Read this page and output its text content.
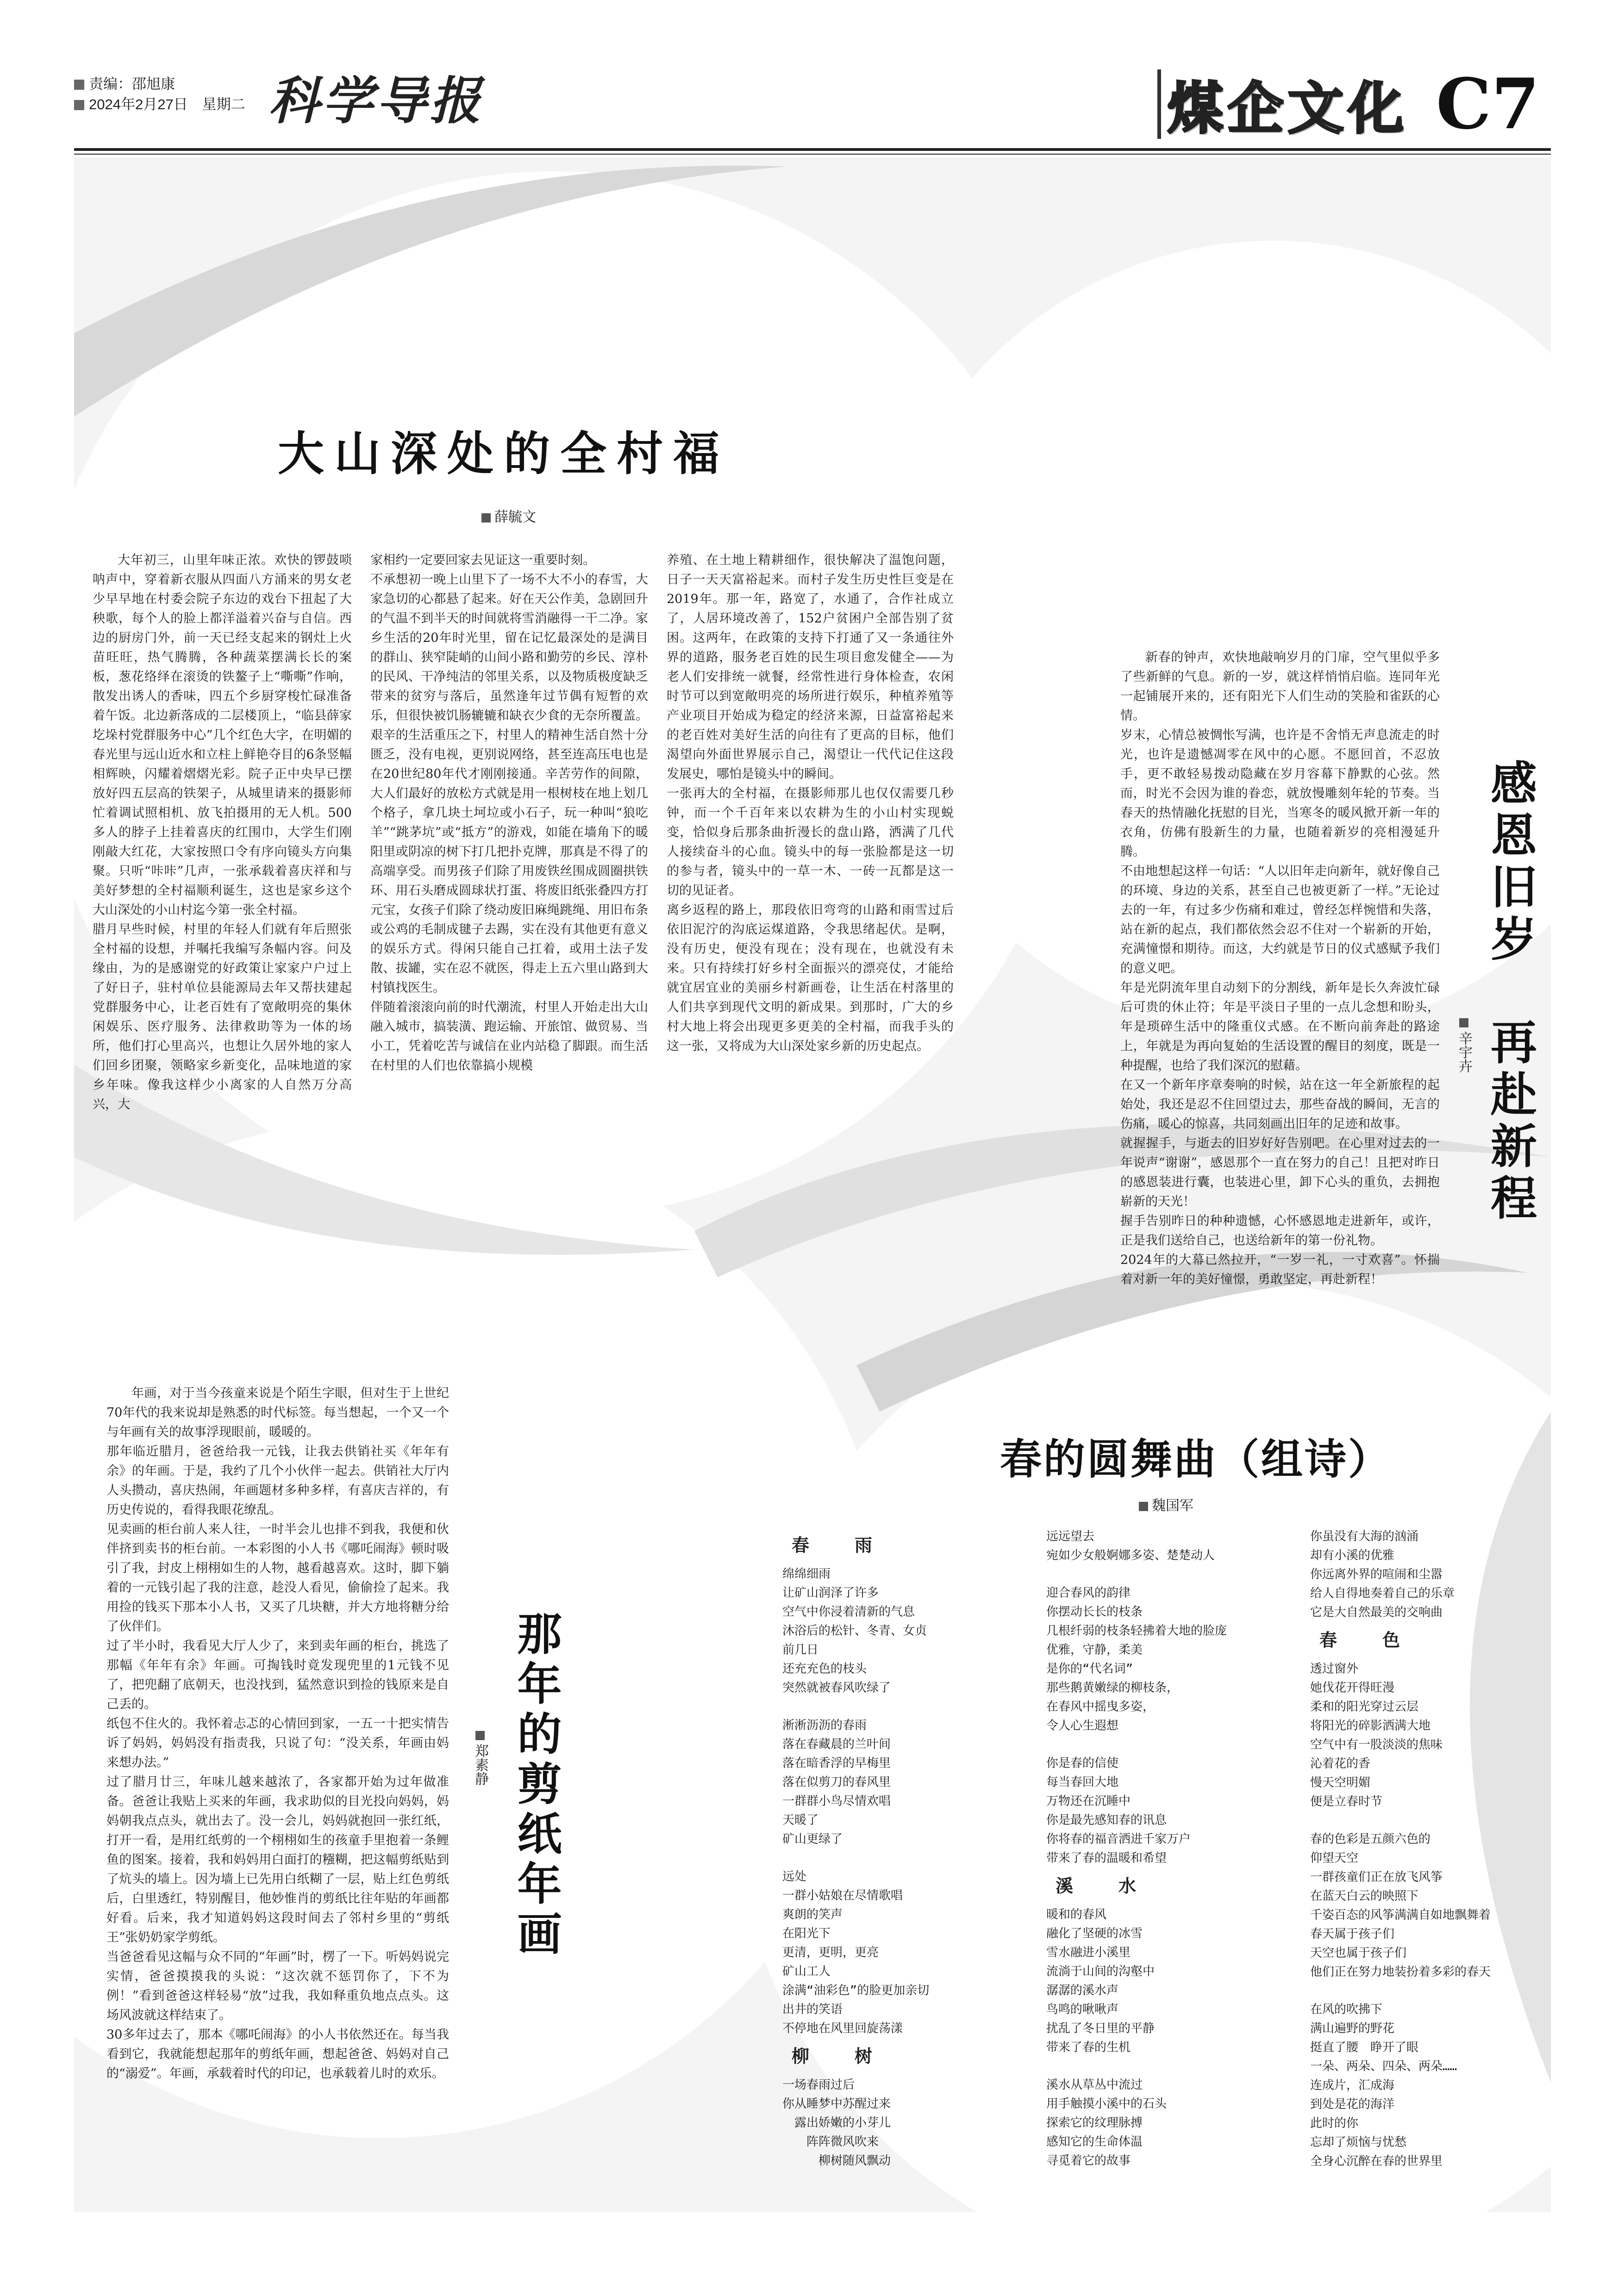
责编：邵旭康
2024年2月27日　星期二 科学导报	煤企文化 C7
大山深处的全村福
薛毓文

大年初三，山里年味正浓。欢快的锣鼓唢呐声中，穿着新衣服从四面八方涌来的男女老少早早地在村委会院子东边的戏台下扭起了大秧歌，每个人的脸上都洋溢着兴奋与自信。西边的厨房门外，前一天已经支起来的钢灶上火苗旺旺，热气腾腾，各种蔬菜摆满长长的案板，葱花络绎在滚烫的铁鳌子上“嘶嘶”作响，散发出诱人的香味，四五个乡厨穿梭忙碌准备着午饭。北边新落成的二层楼顶上，“临县薛家圪垛村党群服务中心”几个红色大字，在明媚的春光里与远山近水和立柱上鲜艳夺目的6条竖幅相辉映，闪耀着熠熠光彩。院子正中央早已摆放好四五层高的铁架子，从城里请来的摄影师忙着调试照相机、放飞拍摄用的无人机。500多人的脖子上挂着喜庆的红围巾，大学生们刚刚敲大红花，大家按照口令有序向镜头方向集聚。只听“咔咔”几声，一张承载着喜庆祥和与美好梦想的全村福顺利诞生，这也是家乡这个大山深处的小山村迄今第一张全村福。
腊月早些时候，村里的年轻人们就有年后照张全村福的设想，并嘱托我编写条幅内容。问及缘由，为的是感谢党的好政策让家家户户过上了好日子，驻村单位县能源局去年又帮扶建起党群服务中心，让老百姓有了宽敞明亮的集休闲娱乐、医疗服务、法律救助等为一体的场所，他们打心里高兴，也想让久居外地的家人们回乡团聚，领略家乡新变化，品味地道的家乡年味。像我这样少小离家的人自然万分高兴，大

家相约一定要回家去见证这一重要时刻。
不承想初一晚上山里下了一场不大不小的春雪，大家急切的心都悬了起来。好在天公作美，急剧回升的气温不到半天的时间就将雪消融得一干二净。家乡生活的20年时光里，留在记忆最深处的是满目的群山、狭窄陡峭的山间小路和勤劳的乡民、淳朴的民风、干净纯洁的邻里关系，以及物质极度缺乏带来的贫穷与落后，虽然逢年过节偶有短暂的欢乐，但很快被饥肠辘辘和缺衣少食的无奈所覆盖。艰辛的生活重压之下，村里人的精神生活自然十分匮乏，没有电视，更别说网络，甚至连高压电也是在20世纪80年代才刚刚接通。辛苦劳作的间隙，大人们最好的放松方式就是用一根树枝在地上划几个格子，拿几块土坷垃或小石子，玩一种叫“狼吃羊”“跳茅坑”或“抵方”的游戏，如能在墙角下的暖阳里或阴凉的树下打几把扑克牌，那真是不得了的高端享受。而男孩子们除了用废铁丝围成圆圈拱铁环、用石头磨成圆球状打蛋、将废旧纸张叠四方打元宝，女孩子们除了绕动废旧麻绳跳绳、用旧布条或公鸡的毛制成毽子去踢，实在没有其他更有意义的娱乐方式。得闲只能自己扛着，或用土法子发散、拔罐，实在忍不就医，得走上五六里山路到大村镇找医生。
伴随着滚滚向前的时代潮流，村里人开始走出大山融入城市，搞装潢、跑运输、开旅馆、做贸易、当小工，凭着吃苦与诚信在业内站稳了脚跟。而生活在村里的人们也依靠搞小规模

养殖、在土地上精耕细作，很快解决了温饱问题，日子一天天富裕起来。而村子发生历史性巨变是在2019年。那一年，路宽了，水通了，合作社成立了，人居环境改善了，152户贫困户全部告别了贫困。这两年，在政策的支持下打通了又一条通往外界的道路，服务老百姓的民生项目愈发健全——为老人们安排统一就餐，经常性进行身体检查，农闲时节可以到宽敞明亮的场所进行娱乐，种植养殖等产业项目开始成为稳定的经济来源，日益富裕起来的老百姓对美好生活的向往有了更高的目标，他们渴望向外面世界展示自己，渴望让一代代记住这段发展史，哪怕是镜头中的瞬间。
一张再大的全村福，在摄影师那儿也仅仅需要几秒钟，而一个千百年来以农耕为生的小山村实现蜕变，恰似身后那条曲折漫长的盘山路，洒满了几代人接续奋斗的心血。镜头中的每一张脸都是这一切的参与者，镜头中的一草一木、一砖一瓦都是这一切的见证者。
离乡返程的路上，那段依旧弯弯的山路和雨雪过后依旧泥泞的沟底运煤道路，令我思绪起伏。是啊，没有历史，便没有现在；没有现在，也就没有未来。只有持续打好乡村全面振兴的漂亮仗，才能给就宜居宜业的美丽乡村新画卷，让生活在村落里的人们共享到现代文明的新成果。到那时，广大的乡村大地上将会出现更多更美的全村福，而我手头的这一张，又将成为大山深处家乡新的历史起点。

新春的钟声，欢快地敲响岁月的门扉，空气里似乎多了些新鲜的气息。新的一岁，就这样悄悄启临。连同年光一起铺展开来的，还有阳光下人们生动的笑脸和雀跃的心情。
岁末，心情总被惆怅写满，也许是不舍悄无声息流走的时光，也许是遗憾凋零在风中的心愿。不愿回首，不忍放手，更不敢轻易拨动隐藏在岁月容幕下静默的心弦。然而，时光不会因为谁的眷恋，就放慢雕刻年轮的节奏。当春天的热情融化抚慰的目光，当寒冬的暖风掀开新一年的衣角，仿佛有股新生的力量，也随着新岁的亮相漫延升腾。
不由地想起这样一句话：“人以旧年走向新年，就好像自己的环境、身边的关系，甚至自己也被更新了一样。”无论过去的一年，有过多少伤痛和难过，曾经怎样惋惜和失落，站在新的起点，我们都依然会忍不住对一个崭新的开始，充满憧憬和期待。而这，大约就是节日的仪式感赋予我们的意义吧。
年是光阴流年里自动刻下的分割线，新年是长久奔波忙碌后可贵的休止符；年是平淡日子里的一点儿念想和盼头，年是琐碎生活中的隆重仪式感。在不断向前奔赴的路途上，年就是为再向复始的生活设置的醒目的刻度，既是一种提醒，也给了我们深沉的慰藉。
在又一个新年序章奏响的时候，站在这一年全新旅程的起始处，我还是忍不住回望过去，那些奋战的瞬间，无言的伤痛，暖心的惊喜，共同刻画出旧年的足迹和故事。
就握握手，与逝去的旧岁好好告别吧。在心里对过去的一年说声“谢谢”，感恩那个一直在努力的自己！且把对昨日的感恩装进行囊，也装进心里，卸下心头的重负，去拥抱崭新的天光！
握手告别昨日的种种遗憾，心怀感恩地走进新年，或许，正是我们送给自己，也送给新年的第一份礼物。
2024年的大幕已然拉开，“一岁一礼，一寸欢喜”。怀揣着对新一年的美好憧憬，勇敢坚定，再赴新程！

感恩旧岁　再赴新程
辛宇卉

年画，对于当今孩童来说是个陌生字眼，但对生于上世纪70年代的我来说却是熟悉的时代标签。每当想起，一个又一个与年画有关的故事浮现眼前，暖暖的。
那年临近腊月，爸爸给我一元钱，让我去供销社买《年年有余》的年画。于是，我约了几个小伙伴一起去。供销社大厅内人头攒动，喜庆热闹，年画题材多种多样，有喜庆吉祥的，有历史传说的，看得我眼花缭乱。
见卖画的柜台前人来人往，一时半会儿也排不到我，我便和伙伴挤到卖书的柜台前。一本彩图的小人书《哪吒闹海》顿时吸引了我，封皮上栩栩如生的人物，越看越喜欢。这时，脚下躺着的一元钱引起了我的注意，趁没人看见，偷偷捡了起来。我用捡的钱买下那本小人书，又买了几块糖，并大方地将糖分给了伙伴们。
过了半小时，我看见大厅人少了，来到卖年画的柜台，挑选了那幅《年年有余》年画。可掏钱时竟发现兜里的1元钱不见了，把兜翻了底朝天，也没找到，猛然意识到捡的钱原来是自己丢的。
纸包不住火的。我怀着忐忑的心情回到家，一五一十把实情告诉了妈妈，妈妈没有指责我，只说了句：“没关系，年画由妈来想办法。”
过了腊月廿三，年味儿越来越浓了，各家都开始为过年做准备。爸爸让我贴上买来的年画，我求助似的目光投向妈妈，妈妈朝我点点头，就出去了。没一会儿，妈妈就抱回一张红纸，打开一看，是用红纸剪的一个栩栩如生的孩童手里抱着一条鲤鱼的图案。接着，我和妈妈用白面打的糨糊，把这幅剪纸贴到了炕头的墙上。因为墙上已先用白纸糊了一层，贴上红色剪纸后，白里透红，特别醒目，他妙惟肖的剪纸比往年贴的年画都好看。后来，我才知道妈妈这段时间去了邻村乡里的“剪纸王”张奶奶家学剪纸。
当爸爸看见这幅与众不同的“年画”时，楞了一下。听妈妈说完实情，爸爸摸摸我的头说：“这次就不惩罚你了，下不为例！”看到爸爸这样轻易“放”过我，我如释重负地点点头。这场风波就这样结束了。
30多年过去了，那本《哪吒闹海》的小人书依然还在。每当我看到它，我就能想起那年的剪纸年画，想起爸爸、妈妈对自己的“溺爱”。年画，承载着时代的印记，也承载着儿时的欢乐。

那年的剪纸年画
郑素静
春的圆舞曲（组诗）
魏国军
春　雨
绵绵细雨
让矿山润泽了许多
空气中你浸着清新的气息
沐浴后的松针、冬青、女贞
前几日
还充充色的枝头
突然就被春风吹绿了
淅淅沥沥的春雨
落在春藏晨的兰叶间
落在暗香浮的早梅里
落在似剪刀的春风里
一群群小鸟尽情欢唱
天暖了
矿山更绿了
远处
一群小姑娘在尽情歌唱
爽朗的笑声
在阳光下
更清，更明，更亮
矿山工人
涂满“油彩色”的脸更加亲切
出井的笑语
不停地在风里回旋荡漾
柳　树
一场春雨过后
你从睡梦中苏醒过来
　露出娇嫩的小芽儿
　　阵阵微风吹来
　　　柳树随风飘动
远远望去
宛如少女般婀娜多姿、楚楚动人
迎合春风的韵律
你摆动长长的枝条
几根纤弱的枝条轻拂着大地的脸庞
优雅，守静，柔美
是你的“代名词”
那些鹅黄嫩绿的柳枝条，
在春风中摇曳多姿，
令人心生遐想
你是春的信使
每当春回大地
万物还在沉睡中
你是最先感知春的讯息
你将春的福音洒进千家万户
带来了春的温暖和希望
溪　水
暖和的春风
融化了坚硬的冰雪
雪水融进小溪里
流淌于山间的沟壑中
潺潺的溪水声
鸟鸣的啾啾声
扰乱了冬日里的平静
带来了春的生机
溪水从草丛中流过
用手触摸小溪中的石头
探索它的纹理脉搏
感知它的生命体温
寻觅着它的故事
你虽没有大海的汹涌
却有小溪的优雅
你远离外界的喧闹和尘嚣
给人自得地奏着自己的乐章
它是大自然最美的交响曲
春　色
透过窗外
她伐花开得旺漫
柔和的阳光穿过云层
将阳光的碎影洒满大地
空气中有一股淡淡的焦味
沁着花的香
慢天空明媚
便是立春时节
春的色彩是五颜六色的
仰望天空
一群孩童们正在放飞风筝
在蓝天白云的映照下
千姿百态的风筝满满自如地飘舞着
春天属于孩子们
天空也属于孩子们
他们正在努力地装扮着多彩的春天
在风的吹拂下
满山遍野的野花
挺直了腰　睁开了眼
一朵、两朵、四朵、两朵……
连成片，汇成海
到处是花的海洋
此时的你
忘却了烦恼与忧愁
全身心沉醉在春的世界里
